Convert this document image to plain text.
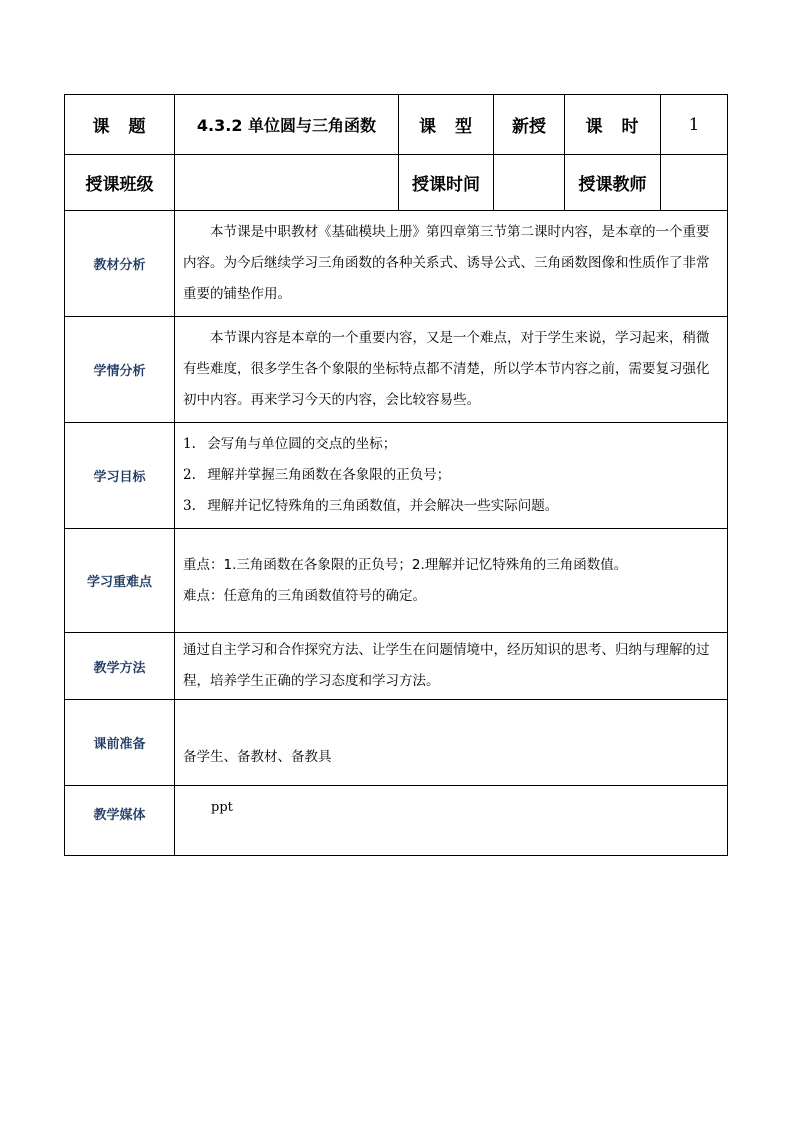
课　题	4.3.2 单位圆与三角函数	课　型	新授	课　时	1
授课班级		授课时间		授课教师	
教材分析	本节课是中职教材《基础模块上册》第四章第三节第二课时内容，是本章的一个重要内容。为今后继续学习三角函数的各种关系式、诱导公式、三角函数图像和性质作了非常重要的铺垫作用。				

学情分析	本节课内容是本章的一个重要内容，又是一个难点，对于学生来说，学习起来，稍微有些难度，很多学生各个象限的坐标特点都不清楚，所以学本节内容之前，需要复习强化初中内容。再来学习今天的内容，会比较容易些。				

学习目标	1. 会写角与单位圆的交点的坐标；

2. 理解并掌握三角函数在各象限的正负号；

3. 理解并记忆特殊角的三角函数值，并会解决一些实际问题。				

学习重难点	重点：1.三角函数在各象限的正负号；2.理解并记忆特殊角的三角函数值。

难点：任意角的三角函数值符号的确定。				

教学方法	通过自主学习和合作探究方法、让学生在问题情境中，经历知识的思考、归纳与理解的过程，培养学生正确的学习态度和学习方法。				

课前准备	备学生、备教材、备教具				

教学媒体	ppt				
